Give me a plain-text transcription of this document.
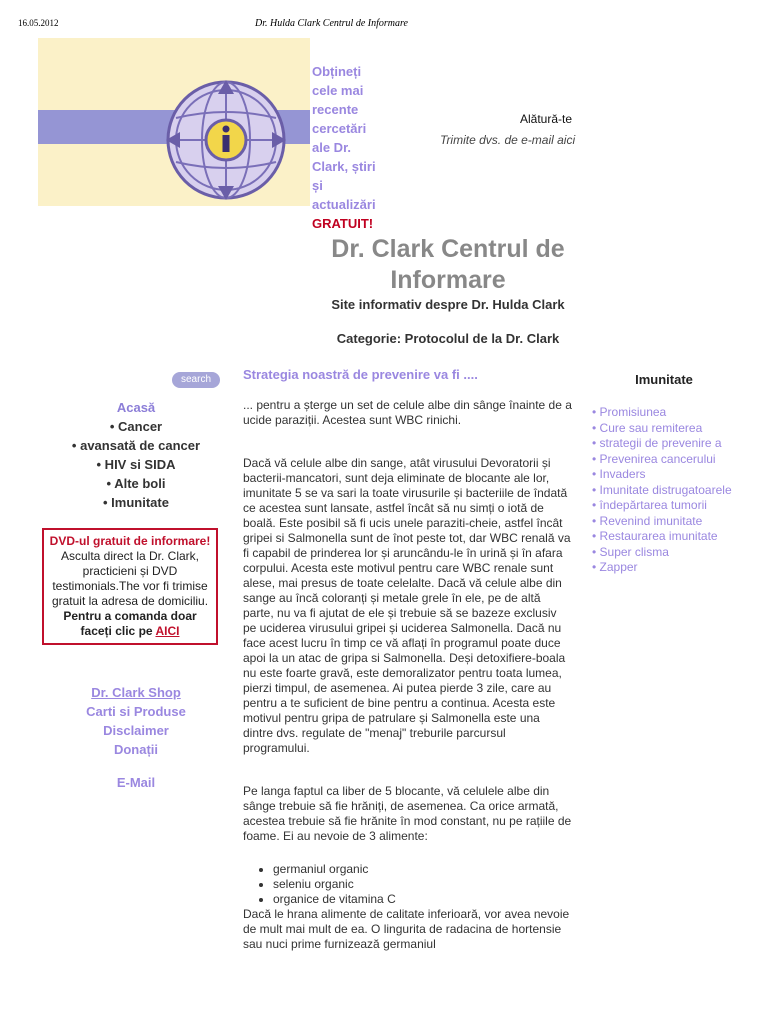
16.05.2012	Dr. Hulda Clark Centrul de Informare
Obțineți
cele mai
recente
cercetări
ale Dr.
Clark, știri
și
actualizări
GRATUIT!
Alătură-te
Trimite dvs. de e-mail aici
Dr. Clark Centrul de Informare
Site informativ despre Dr. Hulda Clark
Categorie: Protocolul de la Dr. Clark
search
Acasă
• Cancer
• avansată de cancer
• HIV si SIDA
• Alte boli
• Imunitate
DVD-ul gratuit de informare!
Asculta direct la Dr. Clark, practicieni și DVD testimonials.The vor fi trimise gratuit la adresa de domiciliu.
Pentru a comanda doar faceți clic pe AICI
Dr. Clark Shop
Carti si Produse
Disclaimer
Donații
E-Mail
Strategia noastră de prevenire va fi ....

... pentru a șterge un set de celule albe din sânge înainte de a ucide paraziții. Acestea sunt WBC rinichi.

Dacă vă celule albe din sange, atât virusului Devoratorii și bacterii-mancatori, sunt deja eliminate de blocante ale lor, imunitate 5 se va sari la toate virusurile și bacteriile de îndată ce acestea sunt lansate, astfel încât să nu simți o iotă de boală. Este posibil să fi ucis unele paraziti-cheie, astfel încât gripei si Salmonella sunt de înot peste tot, dar WBC renală va fi capabil de prinderea lor și aruncându-le în urină și în afara corpului. Acesta este motivul pentru care WBC renale sunt alese, mai presus de toate celelalte. Dacă vă celule albe din sange au încă coloranți și metale grele în ele, pe de altă parte, nu va fi ajutat de ele și trebuie să se bazeze exclusiv pe uciderea virusului gripei și uciderea Salmonella. Dacă nu face acest lucru în timp ce vă aflați în programul poate duce apoi la un atac de gripa si Salmonella. Deși detoxifiere-boala nu este foarte gravă, este demoralizator pentru toata lumea, pierzi timpul, de asemenea. Ai putea pierde 3 zile, care au pentru a te suficient de bine pentru a continua. Acesta este motivul pentru gripa de patrulare și Salmonella este una dintre dvs. regulate de "menaj" treburile parcursul programului.

Pe langa faptul ca liber de 5 blocante, vă celulele albe din sânge trebuie să fie hrăniți, de asemenea. Ca orice armată, acestea trebuie să fie hrănite în mod constant, nu pe rațiile de foame. Ei au nevoie de 3 alimente:

• germaniul organic
• seleniu organic
• organice de vitamina C
Dacă le hrana alimente de calitate inferioară, vor avea nevoie de mult mai mult de ea. O lingurita de radacina de hortensie sau nuci prime furnizează germaniul
Imunitate
• Promisiunea
• Cure sau remiterea
• strategii de prevenire a
• Prevenirea cancerului
• Invaders
• Imunitate distrugatoarele
• îndepărtarea tumorii
• Revenind imunitate
• Restaurarea imunitate
• Super clisma
• Zapper
